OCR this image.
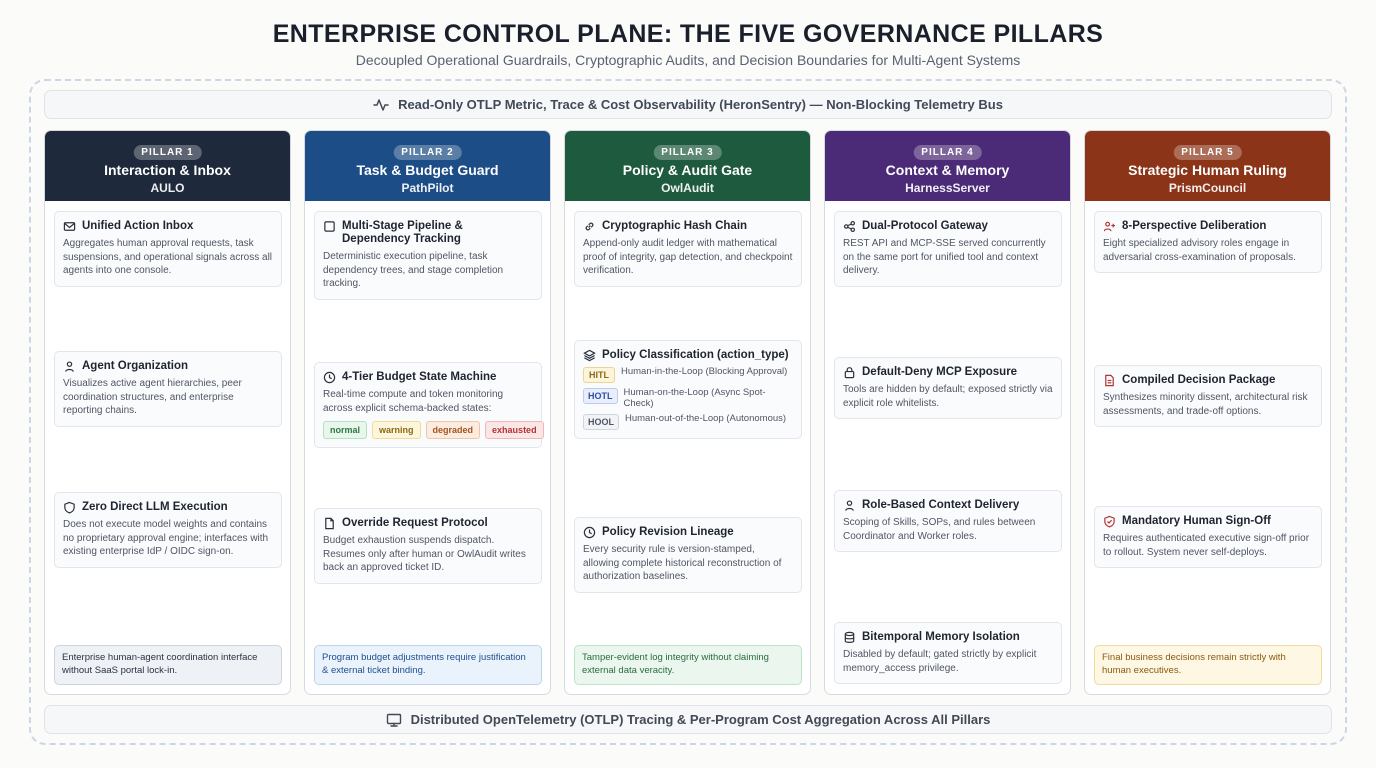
ENTERPRISE CONTROL PLANE: THE FIVE GOVERNANCE PILLARS
Decoupled Operational Guardrails, Cryptographic Audits, and Decision Boundaries for Multi-Agent Systems
Read-Only OTLP Metric, Trace & Cost Observability (HeronSentry) — Non-Blocking Telemetry Bus
PILLAR 1
Interaction & Inbox
AULO
Unified Action Inbox
Aggregates human approval requests, task suspensions, and operational signals across all agents into one console.
Agent Organization
Visualizes active agent hierarchies, peer coordination structures, and enterprise reporting chains.
Zero Direct LLM Execution
Does not execute model weights and contains no proprietary approval engine; interfaces with existing enterprise IdP / OIDC sign-on.
Enterprise human-agent coordination interface without SaaS portal lock-in.
PILLAR 2
Task & Budget Guard
PathPilot
Multi-Stage Pipeline & Dependency Tracking
Deterministic execution pipeline, task dependency trees, and stage completion tracking.
4-Tier Budget State Machine
Real-time compute and token monitoring across explicit schema-backed states:
normal	warning	degraded	exhausted
Override Request Protocol
Budget exhaustion suspends dispatch. Resumes only after human or OwlAudit writes back an approved ticket ID.
Program budget adjustments require justification & external ticket binding.
PILLAR 3
Policy & Audit Gate
OwlAudit
Cryptographic Hash Chain
Append-only audit ledger with mathematical proof of integrity, gap detection, and checkpoint verification.
Policy Classification (action_type)
HITL	Human-in-the-Loop (Blocking Approval)
HOTL	Human-on-the-Loop (Async Spot-Check)
HOOL	Human-out-of-the-Loop (Autonomous)
Policy Revision Lineage
Every security rule is version-stamped, allowing complete historical reconstruction of authorization baselines.
Tamper-evident log integrity without claiming external data veracity.
PILLAR 4
Context & Memory
HarnessServer
Dual-Protocol Gateway
REST API and MCP-SSE served concurrently on the same port for unified tool and context delivery.
Default-Deny MCP Exposure
Tools are hidden by default; exposed strictly via explicit role whitelists.
Role-Based Context Delivery
Scoping of Skills, SOPs, and rules between Coordinator and Worker roles.
Bitemporal Memory Isolation
Disabled by default; gated strictly by explicit memory_access privilege.
PILLAR 5
Strategic Human Ruling
PrismCouncil
8-Perspective Deliberation
Eight specialized advisory roles engage in adversarial cross-examination of proposals.
Compiled Decision Package
Synthesizes minority dissent, architectural risk assessments, and trade-off options.
Mandatory Human Sign-Off
Requires authenticated executive sign-off prior to rollout. System never self-deploys.
Final business decisions remain strictly with human executives.
Distributed OpenTelemetry (OTLP) Tracing & Per-Program Cost Aggregation Across All Pillars
